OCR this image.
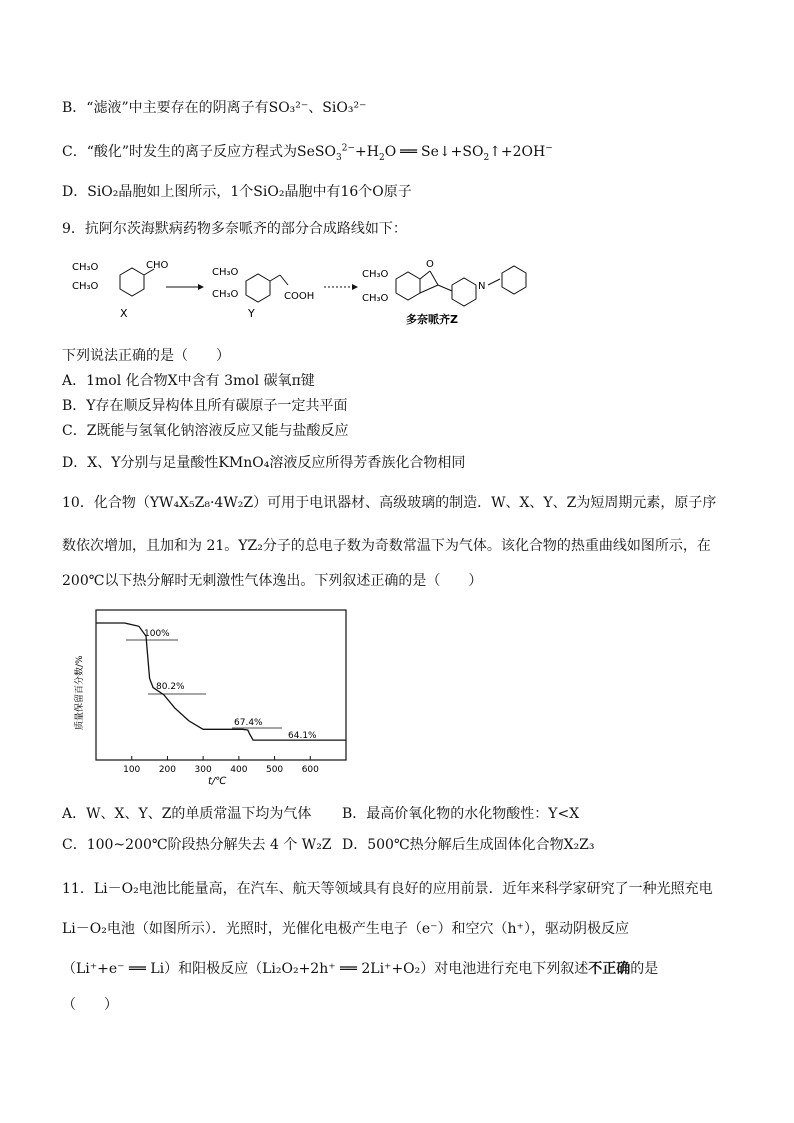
B．“滤液”中主要存在的阴离子有SO₃²⁻、SiO₃²⁻
C．“酸化”时发生的离子反应方程式为$SeSO_3^{2-}+H_2O$ ══ $Se↓+SO_2↑+2OH^-$
D．SiO₂晶胞如上图所示，1个SiO₂晶胞中有16个O原子
9．抗阿尔茨海默病药物多奈哌齐的部分合成路线如下：
CH₃O
CH₃O
CHO
X
CH₃O
CH₃O	COOH
Y
CH₃O
CH₃O
O
N
多奈哌齐Z
下列说法正确的是（　　）
A．1mol 化合物X中含有 3mol 碳氧π键
B．Y存在顺反异构体且所有碳原子一定共平面
C．Z既能与氢氧化钠溶液反应又能与盐酸反应
D．X、Y分别与足量酸性KMnO₄溶液反应所得芳香族化合物相同
10．化合物（YW₄X₅Z₈·4W₂Z）可用于电讯器材、高级玻璃的制造．W、X、Y、Z为短周期元素，原子序
数依次增加，且加和为 21。YZ₂分子的总电子数为奇数常温下为气体。该化合物的热重曲线如图所示，在
200℃以下热分解时无刺激性气体逸出。下列叙述正确的是（　　）
100 200 300 400 500 600
100%
80.2%
67.4%
64.1%
质量保留百分数/%
t/℃
A．W、X、Y、Z的单质常温下均为气体 B．最高价氧化物的水化物酸性：Y<X
C．100~200℃阶段热分解失去 4 个 W₂Z D．500℃热分解后生成固体化合物X₂Z₃
11．Li－O₂电池比能量高，在汽车、航天等领域具有良好的应用前景．近年来科学家研究了一种光照充电
Li－O₂电池（如图所示）．光照时，光催化电极产生电子（e⁻）和空穴（h⁺），驱动阴极反应
（Li⁺+e⁻ ══ Li）和阳极反应（Li₂O₂+2h⁺ ══ 2Li⁺+O₂）对电池进行充电下列叙述不正确的是
（　　）
